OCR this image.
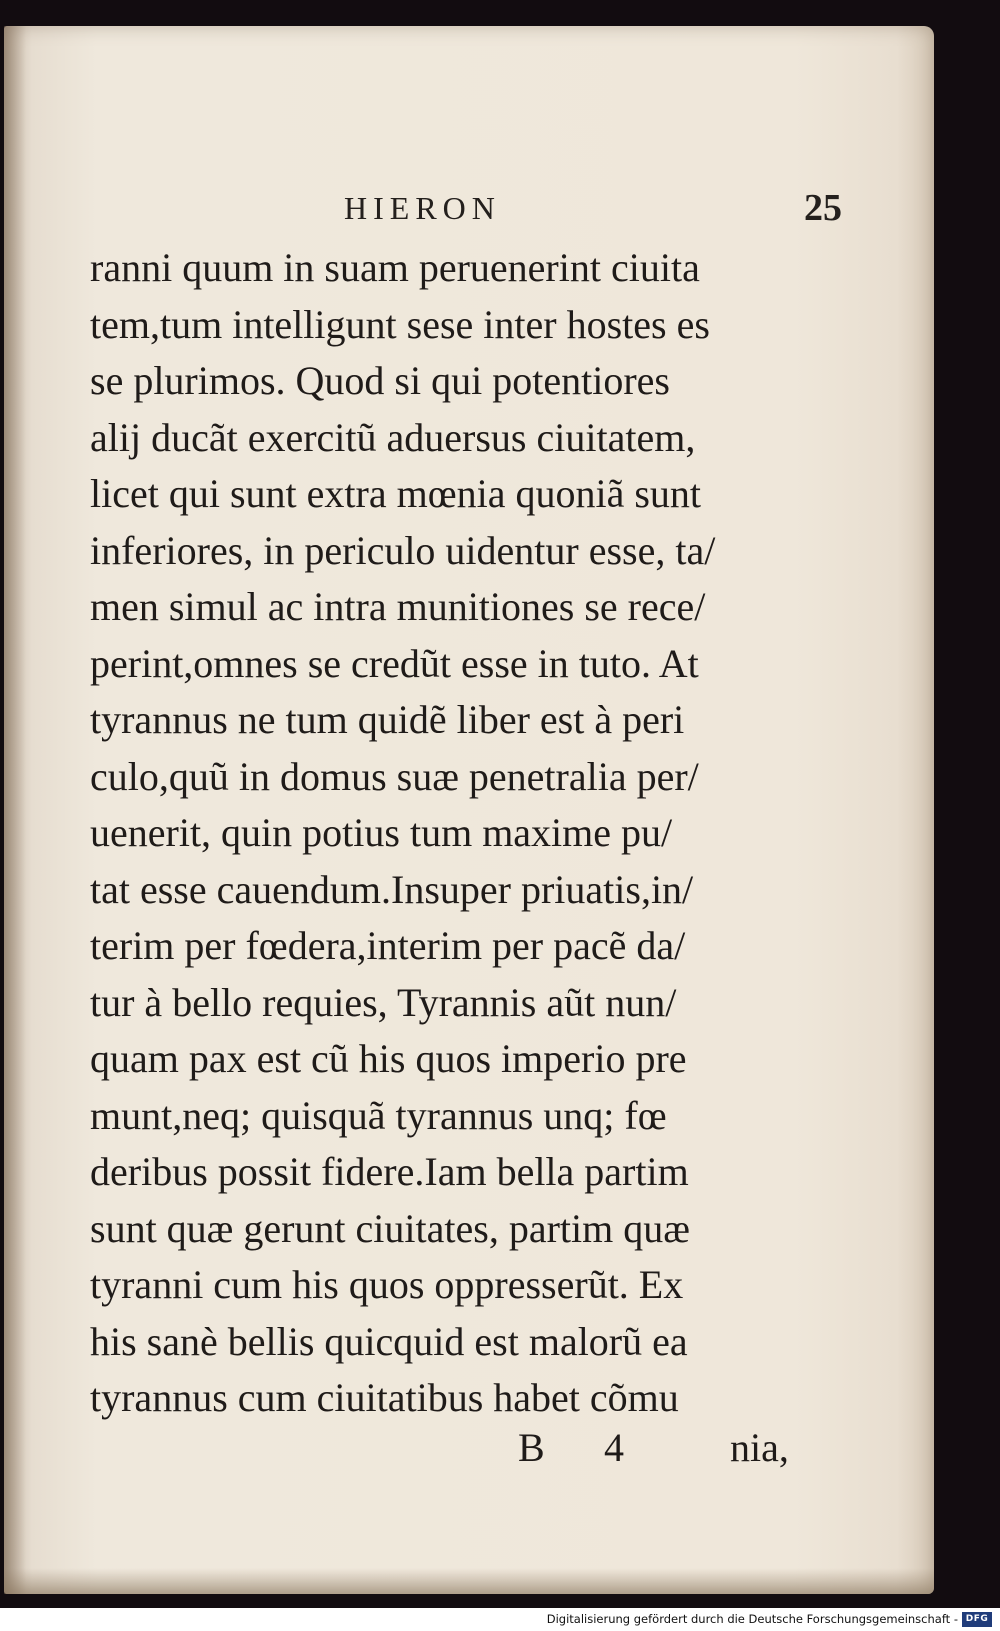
HIERON	25
ranni quum in suam peruenerint ciuita
tem,tum intelligunt sese inter hostes es
se plurimos. Quod si qui potentiores
alij ducãt exercitũ aduersus ciuitatem,
licet qui sunt extra mœnia quoniã sunt
inferiores, in periculo uidentur esse, ta/
men simul ac intra munitiones se rece/
perint,omnes se credũt esse in tuto. At
tyrannus ne tum quidẽ liber est à peri
culo,quũ in domus suæ penetralia per/
uenerit, quin potius tum maxime pu/
tat esse cauendum.Insuper priuatis,in/
terim per fœdera,interim per pacẽ da/
tur à bello requies, Tyrannis aũt nun/
quam pax est cũ his quos imperio pre
munt,neq; quisquã tyrannus unq; fœ
deribus possit fidere.Iam bella partim
sunt quæ gerunt ciuitates, partim quæ
tyranni cum his quos oppresserũt. Ex
his sanè bellis quicquid est malorũ ea
tyrannus cum ciuitatibus habet cõmu
B 4	nia,
Digitalisierung gefördert durch die Deutsche Forschungsgemeinschaft - DFG
